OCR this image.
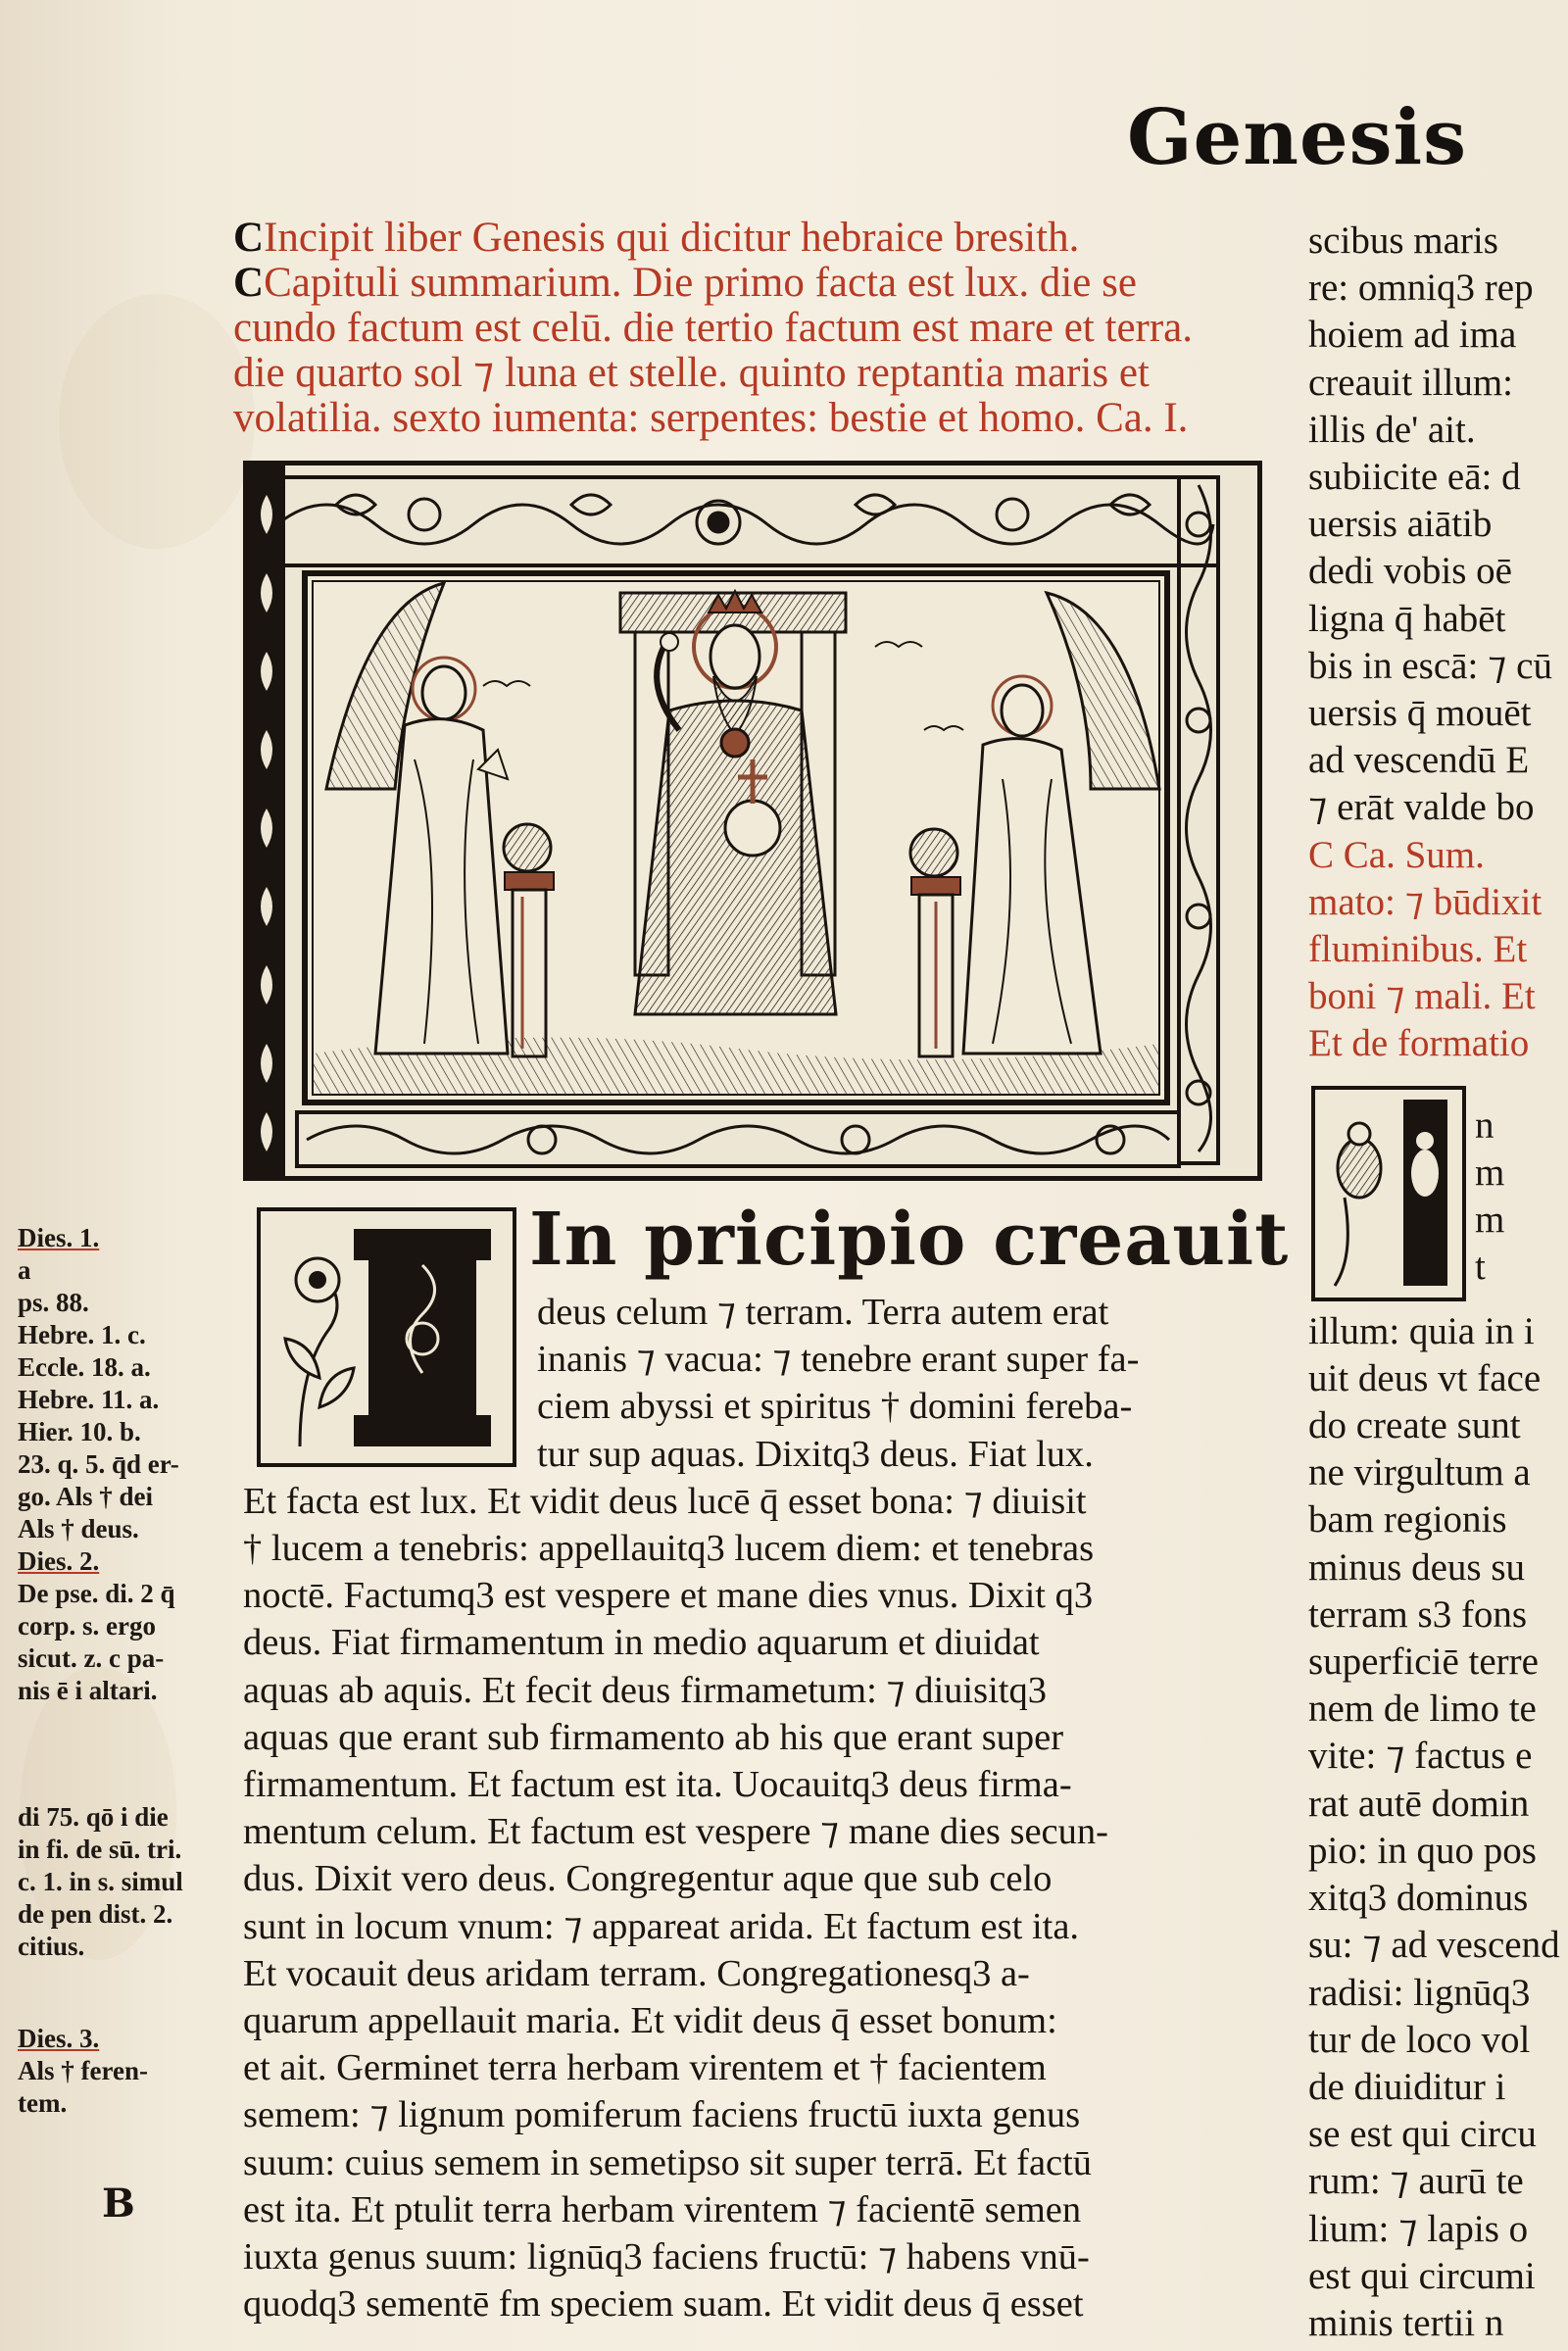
Genesis
CIncipit liber Genesis qui dicitur hebraice bresith.
CCapituli summarium. Die primo facta est lux. die se
cundo factum est celū. die tertio factum est mare et terra.
die quarto sol ⁊ luna et stelle. quinto reptantia maris et
volatilia. sexto iumenta: serpentes: bestie et homo. Ca. I.
In pricipio creauit
deus celum ⁊ terram. Terra autem erat
inanis ⁊ vacua: ⁊ tenebre erant super fa-
ciem abyssi et spiritus † domini fereba-
tur sup aquas. Dixitq3 deus. Fiat lux.
Et facta est lux. Et vidit deus lucē q̄ esset bona: ⁊ diuisit
† lucem a tenebris: appellauitq3 lucem diem: et tenebras
noctē. Factumq3 est vespere et mane dies vnus. Dixit q3
deus. Fiat firmamentum in medio aquarum et diuidat
aquas ab aquis. Et fecit deus firmametum: ⁊ diuisitq3
aquas que erant sub firmamento ab his que erant super
firmamentum. Et factum est ita. Uocauitq3 deus firma-
mentum celum. Et factum est vespere ⁊ mane dies secun-
dus. Dixit vero deus. Congregentur aque que sub celo
sunt in locum vnum: ⁊ appareat arida. Et factum est ita.
Et vocauit deus aridam terram. Congregationesq3 a-
quarum appellauit maria. Et vidit deus q̄ esset bonum:
et ait. Germinet terra herbam virentem et † facientem
semem: ⁊ lignum pomiferum faciens fructū iuxta genus
suum: cuius semem in semetipso sit super terrā. Et factū
est ita. Et ptulit terra herbam virentem ⁊ facientē semen
iuxta genus suum: lignūq3 faciens fructū: ⁊ habens vnū-
quodq3 sementē fm speciem suam. Et vidit deus q̄ esset
Dies. 1.
a
ps. 88.
Hebre. 1. c.
Eccle. 18. a.
Hebre. 11. a.
Hier. 10. b.
23. q. 5. q̄d er-
go. Als † dei
Als † deus.
Dies. 2.
De pse. di. 2 q̄
corp. s. ergo
sicut. z. c pa-
nis ē i altari.
di 75. qō i die
in fi. de sū. tri.
c. 1. in s. simul
de pen dist. 2.
citius.
Dies. 3.
Als † feren-
tem.
B
scibus maris
re: omniq3 rep
hoiem ad ima
creauit illum:
illis de' ait.
subiicite eā: d
uersis aiātib
dedi vobis oē
ligna q̄ habēt
bis in escā: ⁊ cū
uersis q̄ mouēt
ad vescendū E
⁊ erāt valde bo
C Ca. Sum.
mato: ⁊ būdixit
fluminibus. Et
boni ⁊ mali. Et
Et de formatio
illum: quia in i
uit deus vt face
do create sunt
ne virgultum a
bam regionis
minus deus su
terram s3 fons
superficiē terre
nem de limo te
vite: ⁊ factus e
rat autē domin
pio: in quo pos
xitq3 dominus
su: ⁊ ad vescend
radisi: lignūq3
tur de loco vol
de diuiditur i
se est qui circu
rum: ⁊ aurū te
lium: ⁊ lapis o
est qui circumi
minis tertii n
n
m
m
t
